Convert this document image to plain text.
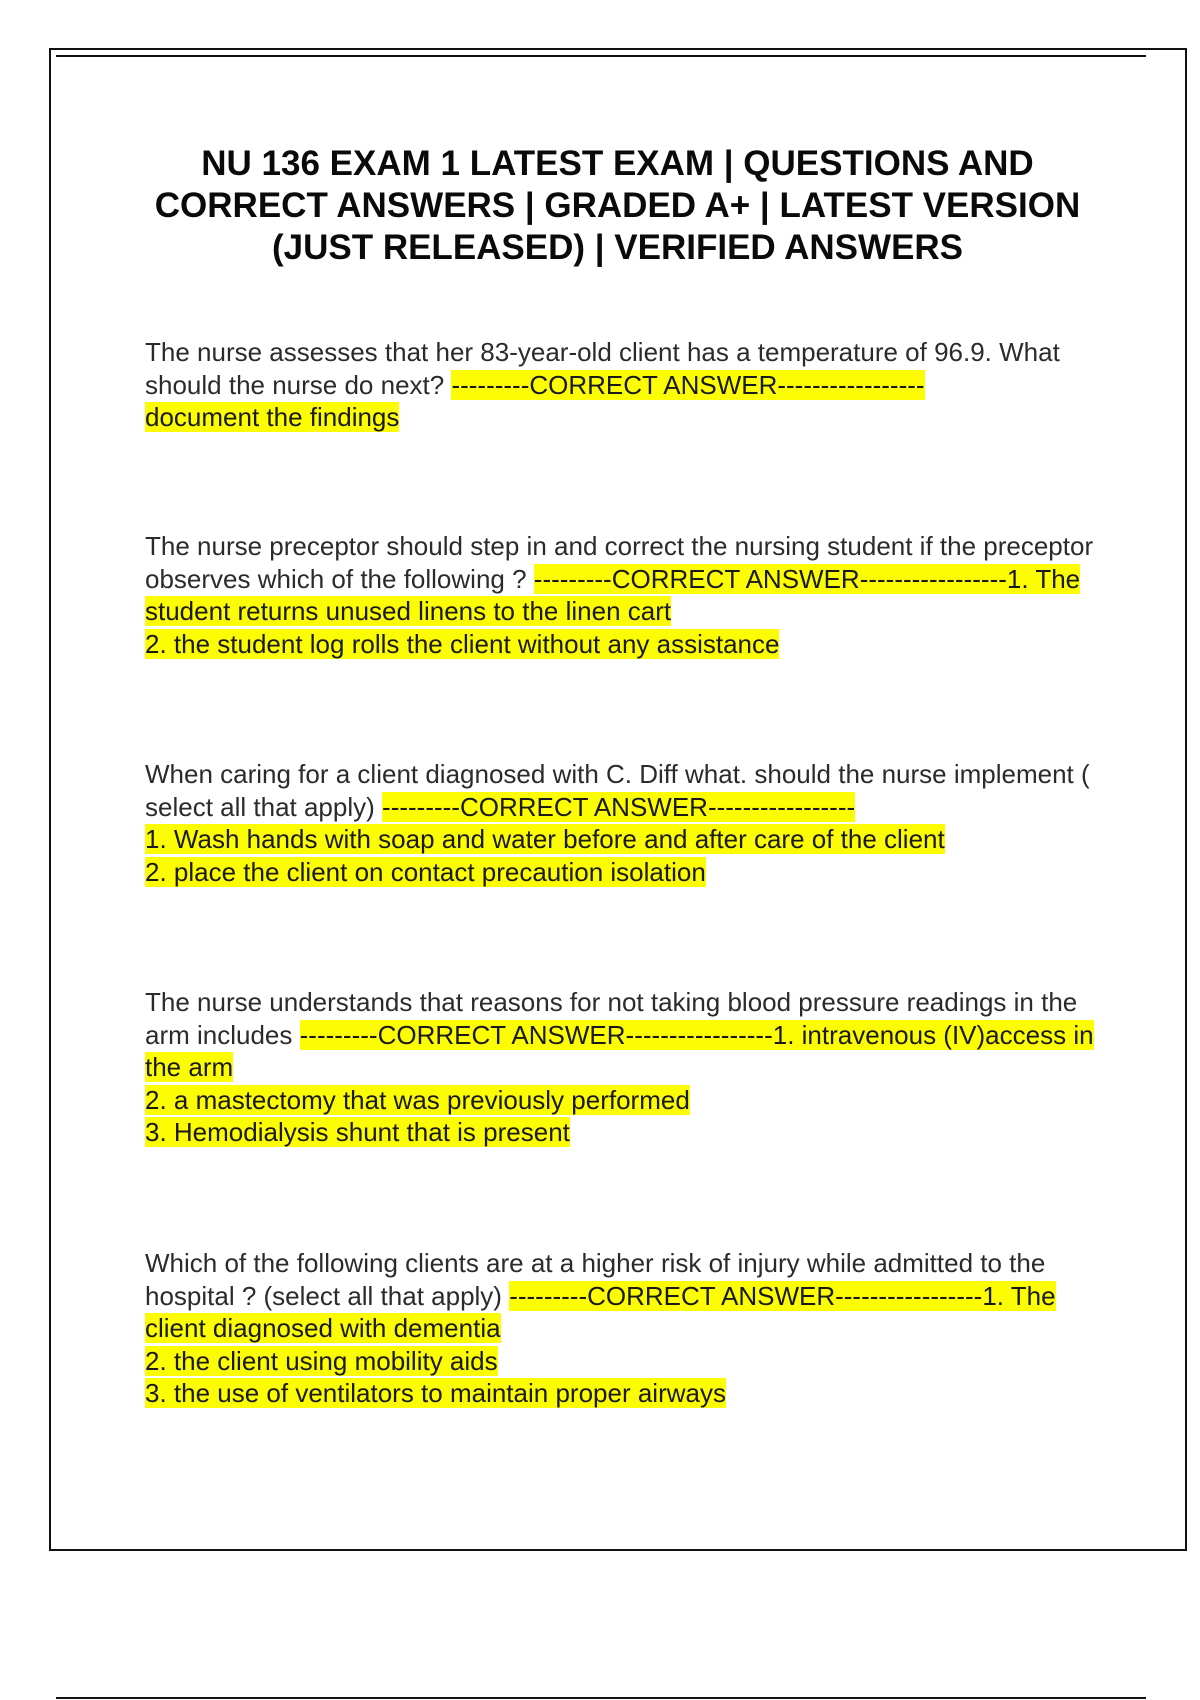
NU 136 EXAM 1 LATEST EXAM | QUESTIONS AND CORRECT ANSWERS | GRADED A+ | LATEST VERSION (JUST RELEASED) | VERIFIED ANSWERS
The nurse assesses that her 83-year-old client has a temperature of 96.9. What should the nurse do next? ---------CORRECT ANSWER-----------------
document the findings
The nurse preceptor should step in and correct the nursing student if the preceptor observes which of the following ? ---------CORRECT ANSWER-----------------1. The student returns unused linens to the linen cart
2. the student log rolls the client without any assistance
When caring for a client diagnosed with C. Diff what. should the nurse implement ( select all that apply) ---------CORRECT ANSWER-----------------
1. Wash hands with soap and water before and after care of the client
2. place the client on contact precaution isolation
The nurse understands that reasons for not taking blood pressure readings in the arm includes ---------CORRECT ANSWER-----------------1. intravenous (IV)access in the arm
2. a mastectomy that was previously performed
3. Hemodialysis shunt that is present
Which of the following clients are at a higher risk of injury while admitted to the hospital ? (select all that apply) ---------CORRECT ANSWER-----------------1. The client diagnosed with dementia
2. the client using mobility aids
3. the use of ventilators to maintain proper airways
